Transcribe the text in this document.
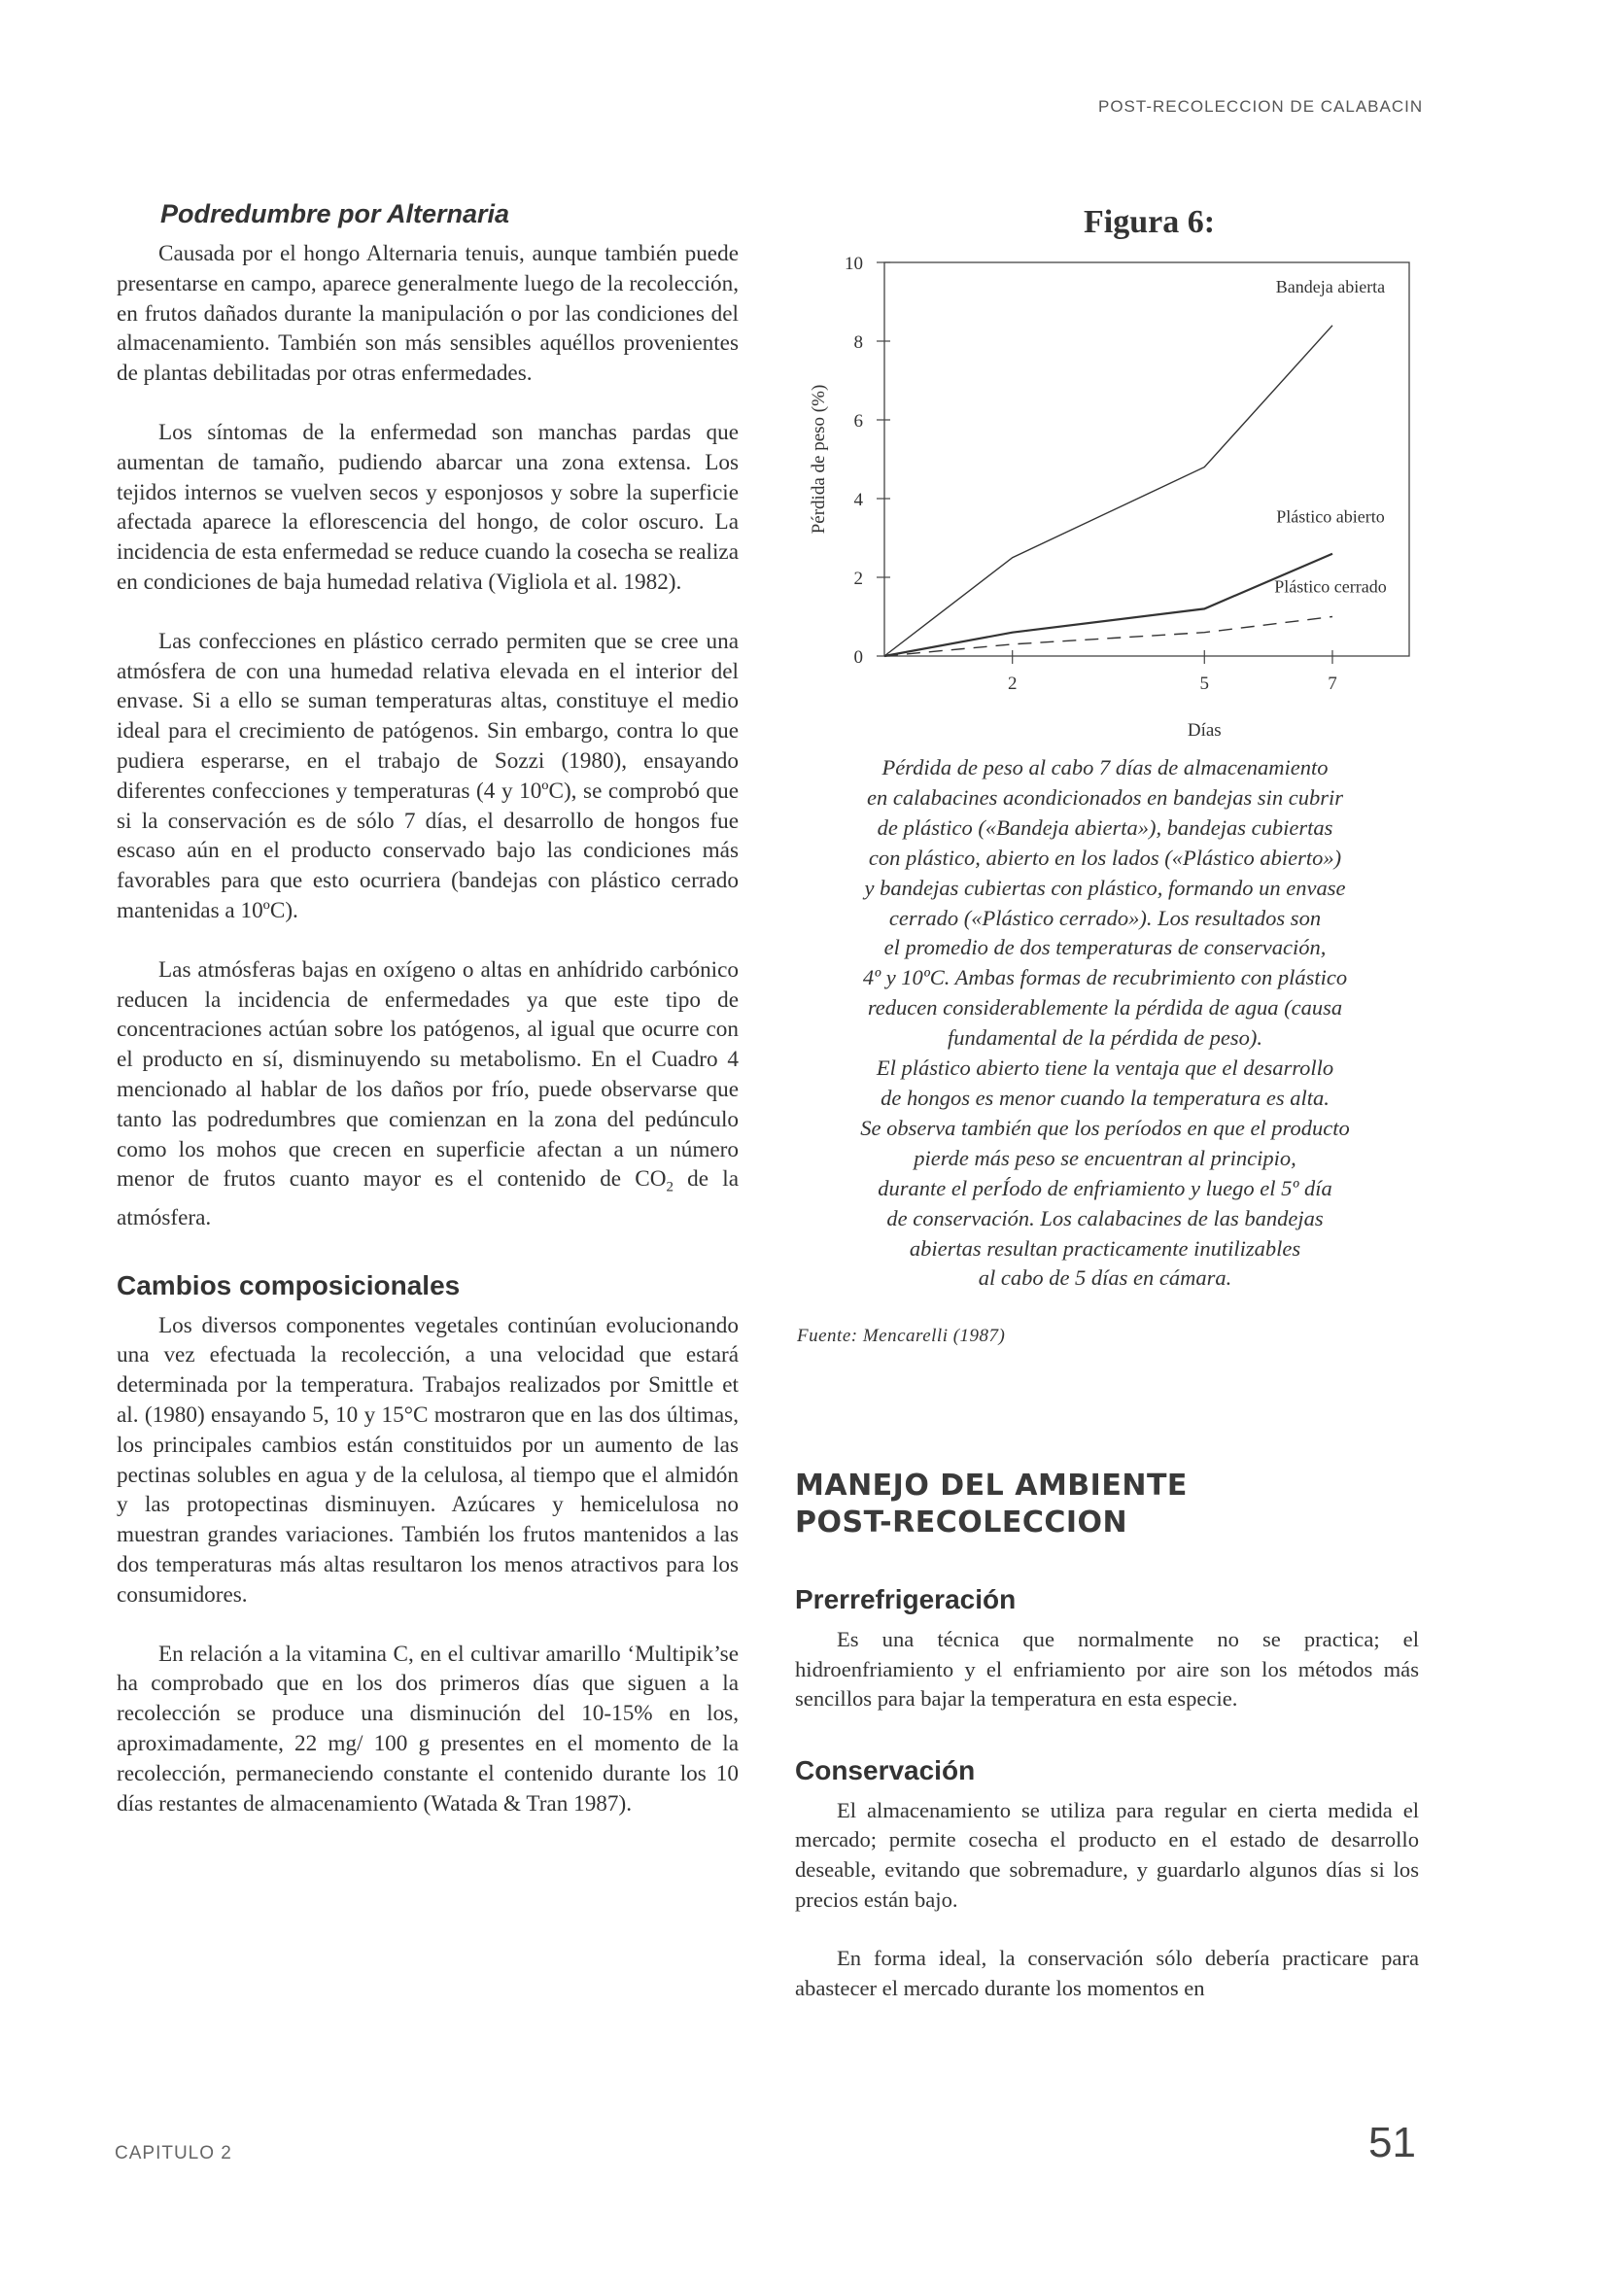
POST-RECOLECCION DE CALABACIN
Podredumbre por Alternaria

Causada por el hongo Alternaria tenuis, aunque también puede presentarse en campo, aparece generalmente luego de la recolección, en frutos dañados durante la manipulación o por las condiciones del almacenamiento. También son más sensibles aquéllos provenientes de plantas debilitadas por otras enfermedades.

Los síntomas de la enfermedad son manchas pardas que aumentan de tamaño, pudiendo abarcar una zona extensa. Los tejidos internos se vuelven secos y esponjosos y sobre la superficie afectada aparece la eflorescencia del hongo, de color oscuro. La incidencia de esta enfermedad se reduce cuando la cosecha se realiza en condiciones de baja humedad relativa (Vigliola et al. 1982).

Las confecciones en plástico cerrado permiten que se cree una atmósfera de con una humedad relativa elevada en el interior del envase. Si a ello se suman temperaturas altas, constituye el medio ideal para el crecimiento de patógenos. Sin embargo, contra lo que pudiera esperarse, en el trabajo de Sozzi (1980), ensayando diferentes confecciones y temperaturas (4 y 10ºC), se comprobó que si la conservación es de sólo 7 días, el desarrollo de hongos fue escaso aún en el producto conservado bajo las condiciones más favorables para que esto ocurriera (bandejas con plástico cerrado mantenidas a 10ºC).

Las atmósferas bajas en oxígeno o altas en anhídrido carbónico reducen la incidencia de enfermedades ya que este tipo de concentraciones actúan sobre los patógenos, al igual que ocurre con el producto en sí, disminuyendo su metabolismo. En el Cuadro 4 mencionado al hablar de los daños por frío, puede observarse que tanto las podredumbres que comienzan en la zona del pedúnculo como los mohos que crecen en superficie afectan a un número menor de frutos cuanto mayor es el contenido de $CO_2$ de la atmósfera.

Cambios composicionales

Los diversos componentes vegetales continúan evolucionando una vez efectuada la recolección, a una velocidad que estará determinada por la temperatura. Trabajos realizados por Smittle et al. (1980) ensayando 5, 10 y 15°C mostraron que en las dos últimas, los principales cambios están constituidos por un aumento de las pectinas solubles en agua y de la celulosa, al tiempo que el almidón y las protopectinas disminuyen. Azúcares y hemicelulosa no muestran grandes variaciones. También los frutos mantenidos a las dos temperaturas más altas resultaron los menos atractivos para los consumidores.

En relación a la vitamina C, en el cultivar amarillo ‘Multipik’se ha comprobado que en los dos primeros días que siguen a la recolección se produce una disminución del 10-15% en los, aproximadamente, 22 mg/ 100 g presentes en el momento de la recolección, permaneciendo constante el contenido durante los 10 días restantes de almacenamiento (Watada & Tran 1987).

Figura 6:
0
2
4
6
8
10
2	5	7
Días
Pérdida de peso (%)
Bandeja abierta
Plástico abierto
Plástico cerrado
Pérdida de peso al cabo 7 días de almacenamiento
en calabacines acondicionados en bandejas sin cubrir
de plástico («Bandeja abierta»), bandejas cubiertas
con plástico, abierto en los lados («Plástico abierto»)
y bandejas cubiertas con plástico, formando un envase
cerrado («Plástico cerrado»). Los resultados son
el promedio de dos temperaturas de conservación,
4º y 10ºC. Ambas formas de recubrimiento con plástico
reducen considerablemente la pérdida de agua (causa
fundamental de la pérdida de peso).
El plástico abierto tiene la ventaja que el desarrollo
de hongos es menor cuando la temperatura es alta.
Se observa también que los períodos en que el producto
pierde más peso se encuentran al principio,
durante el perÍodo de enfriamiento y luego el 5º día
de conservación. Los calabacines de las bandejas
abiertas resultan practicamente inutilizables
al cabo de 5 días en cámara.
Fuente: Mencarelli (1987)
MANEJO DEL AMBIENTE
POST-RECOLECCION
Prerrefrigeración

Es una técnica que normalmente no se practica; el hidroenfriamiento y el enfriamiento por aire son los métodos más sencillos para bajar la temperatura en esta especie.

Conservación

El almacenamiento se utiliza para regular en cierta medida el mercado; permite cosecha el producto en el estado de desarrollo deseable, evitando que sobremadure, y guardarlo algunos días si los precios están bajo.

En forma ideal, la conservación sólo debería practicare para abastecer el mercado durante los momentos en

CAPITULO 2	51
